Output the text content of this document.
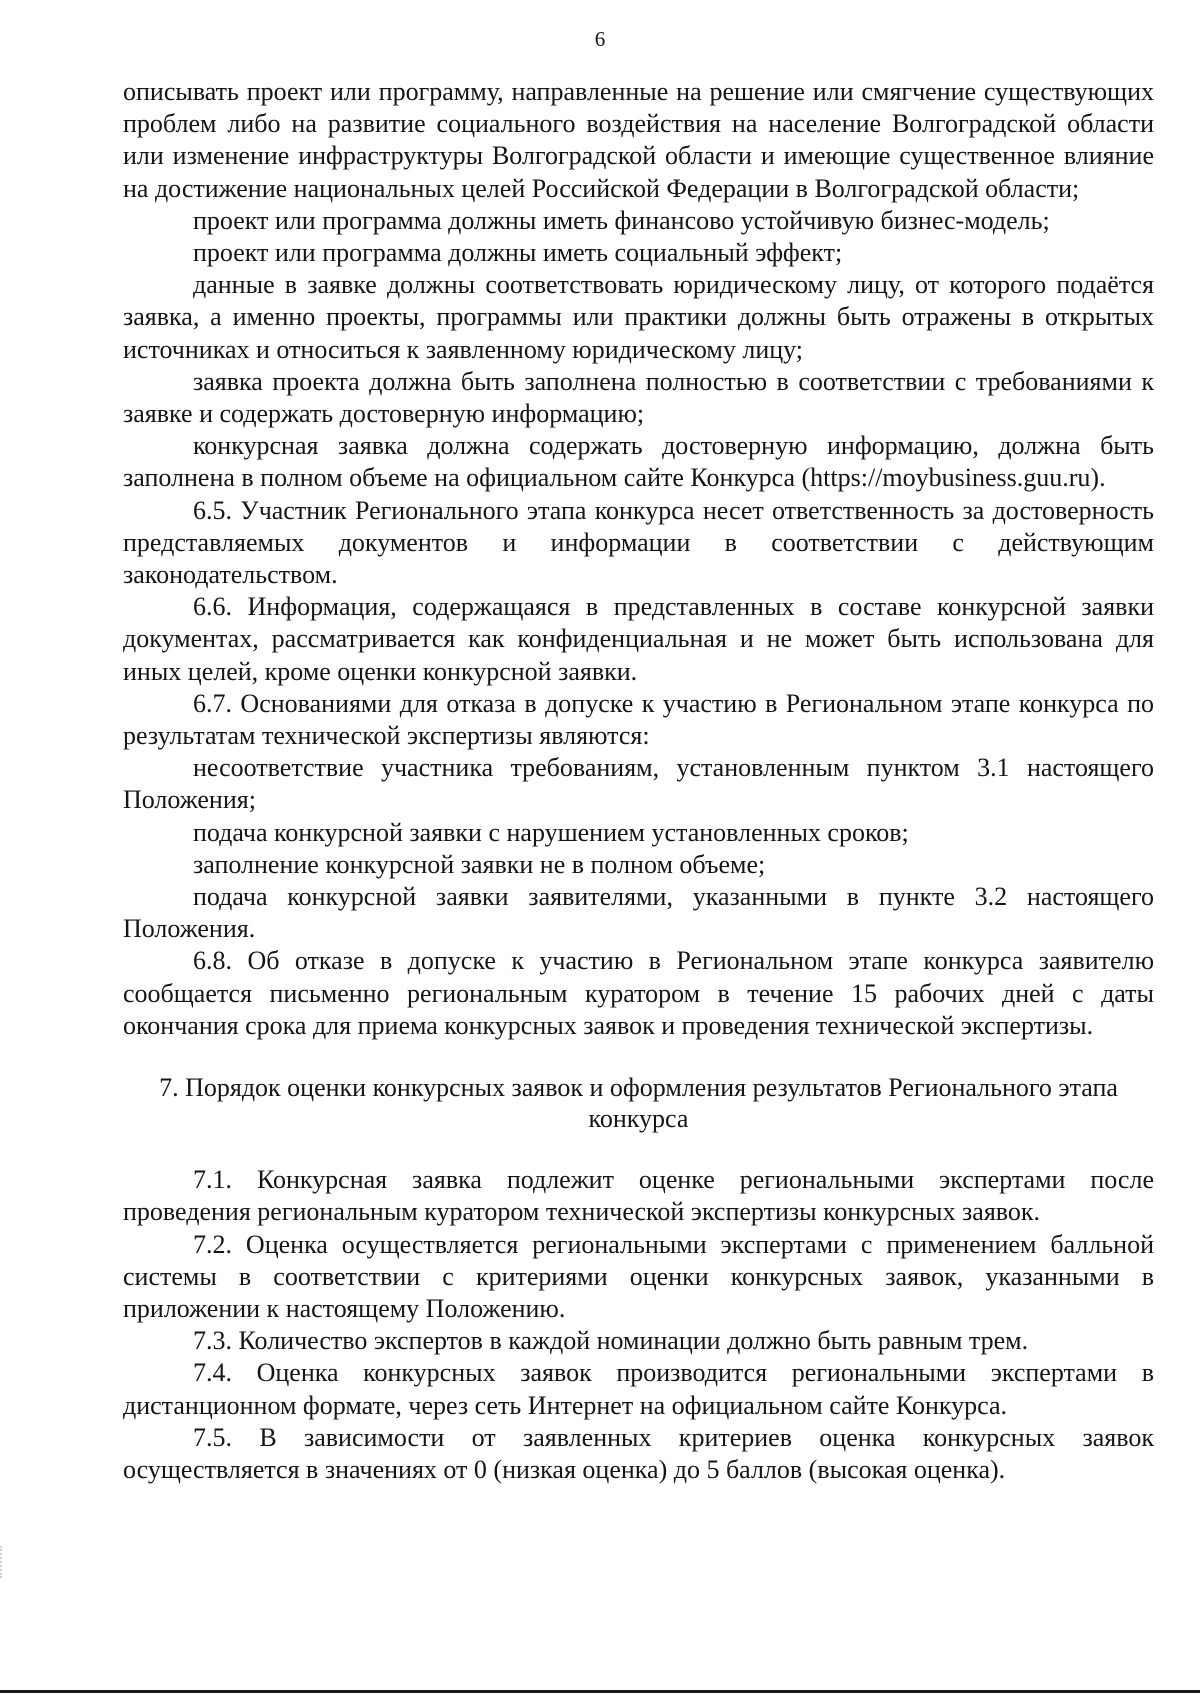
6

описывать проект или программу, направленные на решение или смягчение существующих проблем либо на развитие социального воздействия на население Волгоградской области или изменение инфраструктуры Волгоградской области и имеющие существенное влияние на достижение национальных целей Российской Федерации в Волгоградской области;

проект или программа должны иметь финансово устойчивую бизнес-модель;

проект или программа должны иметь социальный эффект;

данные в заявке должны соответствовать юридическому лицу, от которого подаётся заявка, а именно проекты, программы или практики должны быть отражены в открытых источниках и относиться к заявленному юридическому лицу;

заявка проекта должна быть заполнена полностью в соответствии с требованиями к заявке и содержать достоверную информацию;

конкурсная заявка должна содержать достоверную информацию, должна быть заполнена в полном объеме на официальном сайте Конкурса (https://moybusiness.guu.ru).

6.5. Участник Регионального этапа конкурса несет ответственность за достоверность представляемых документов и информации в соответствии с действующим законодательством.

6.6. Информация, содержащаяся в представленных в составе конкурсной заявки документах, рассматривается как конфиденциальная и не может быть использована для иных целей, кроме оценки конкурсной заявки.

6.7. Основаниями для отказа в допуске к участию в Региональном этапе конкурса по результатам технической экспертизы являются:

несоответствие участника требованиям, установленным пунктом 3.1 настоящего Положения;

подача конкурсной заявки с нарушением установленных сроков;

заполнение конкурсной заявки не в полном объеме;

подача конкурсной заявки заявителями, указанными в пункте 3.2 настоящего Положения.

6.8. Об отказе в допуске к участию в Региональном этапе конкурса заявителю сообщается письменно региональным куратором в течение 15 рабочих дней с даты окончания срока для приема конкурсных заявок и проведения технической экспертизы.

7. Порядок оценки конкурсных заявок и оформления результатов Регионального этапа конкурса

7.1. Конкурсная заявка подлежит оценке региональными экспертами после проведения региональным куратором технической экспертизы конкурсных заявок.

7.2. Оценка осуществляется региональными экспертами с применением балльной системы в соответствии с критериями оценки конкурсных заявок, указанными в приложении к настоящему Положению.

7.3. Количество экспертов в каждой номинации должно быть равным трем.

7.4. Оценка конкурсных заявок производится региональными экспертами в дистанционном формате, через сеть Интернет на официальном сайте Конкурса.

7.5. В зависимости от заявленных критериев оценка конкурсных заявок осуществляется в значениях от 0 (низкая оценка) до 5 баллов (высокая оценка).
